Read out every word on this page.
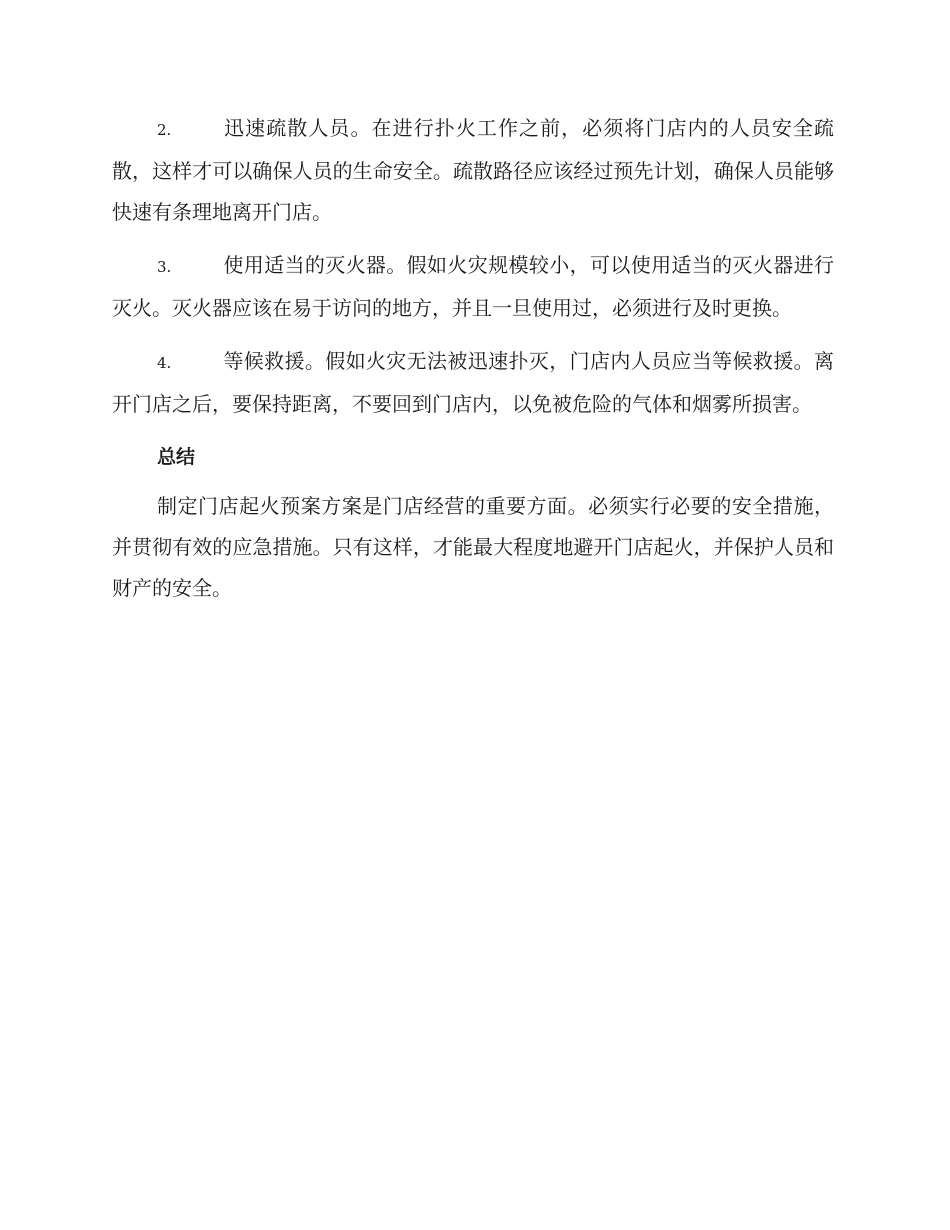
2.	迅速疏散人员。在进行扑火工作之前，必须将门店内的人员安全疏散，这样才可以确保人员的生命安全。疏散路径应该经过预先计划，确保人员能够快速有条理地离开门店。

3.	使用适当的灭火器。假如火灾规模较小，可以使用适当的灭火器进行灭火。灭火器应该在易于访问的地方，并且一旦使用过，必须进行及时更换。

4.	等候救援。假如火灾无法被迅速扑灭，门店内人员应当等候救援。离开门店之后，要保持距离，不要回到门店内，以免被危险的气体和烟雾所损害。

总结

制定门店起火预案方案是门店经营的重要方面。必须实行必要的安全措施，并贯彻有效的应急措施。只有这样，才能最大程度地避开门店起火，并保护人员和财产的安全。
